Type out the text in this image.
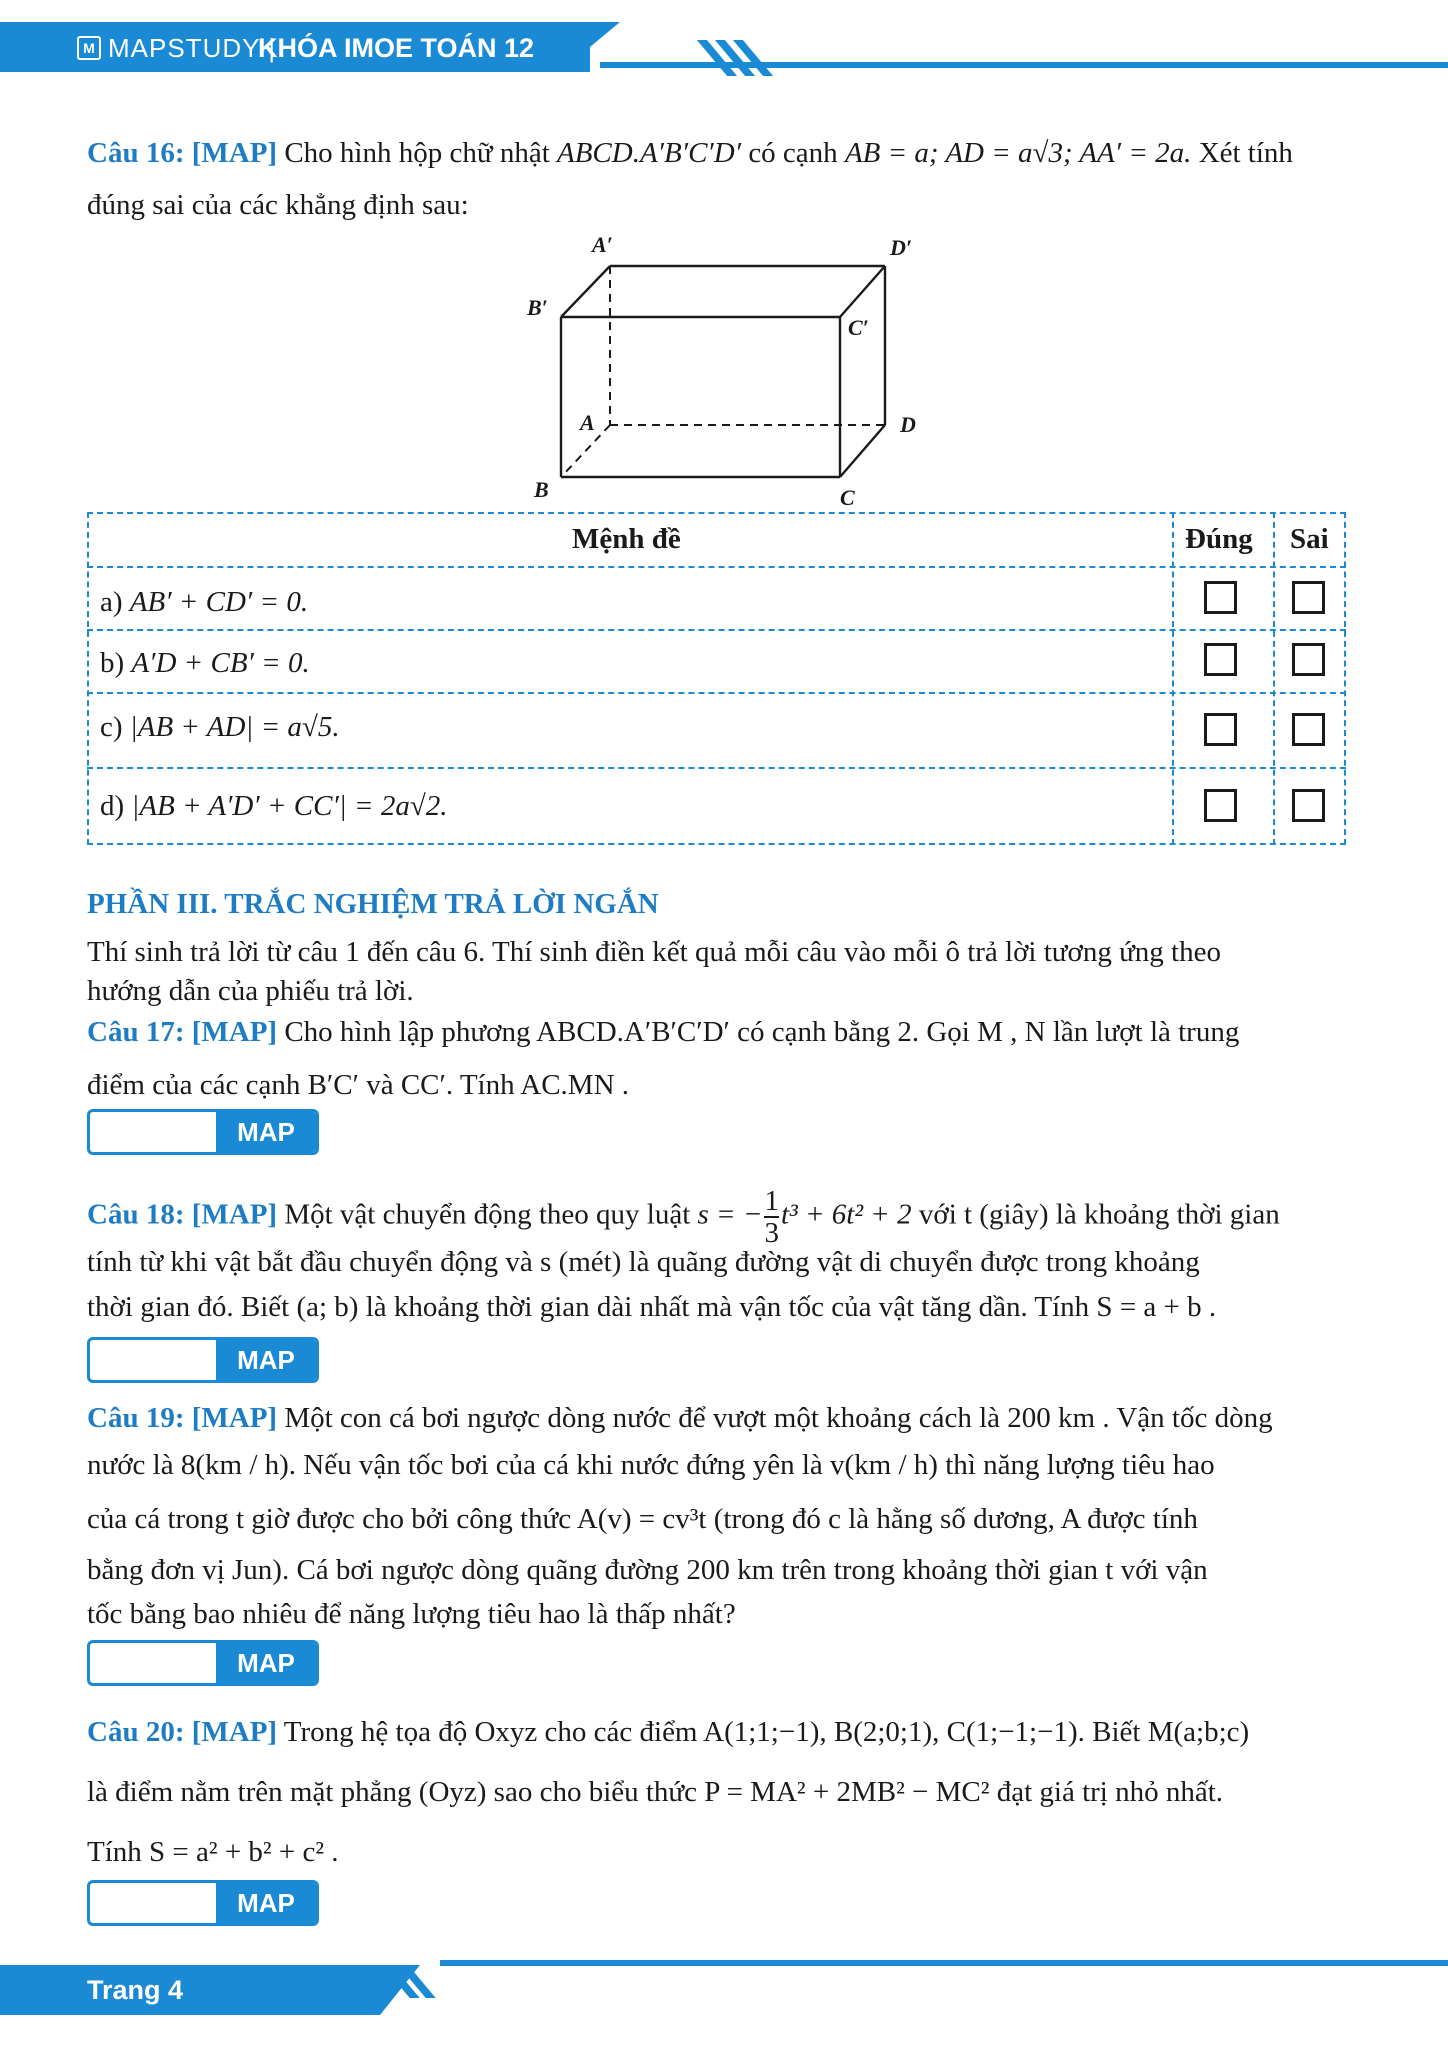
M MAPSTUDY |
KHÓA IMOE TOÁN 12
Câu 16: [MAP] Cho hình hộp chữ nhật ABCD.A′B′C′D′ có cạnh AB = a; AD = a√3; AA′ = 2a. Xét tính
đúng sai của các khẳng định sau:
A′	D′
B′
C′
A	D
B	C
Mệnh đề	Đúng Sai
a) AB′ + CD′ = 0.
b) A′D + CB′ = 0.
c) |AB + AD| = a√5.
d) |AB + A′D′ + CC′| = 2a√2.
PHẦN III. TRẮC NGHIỆM TRẢ LỜI NGẮN
Thí sinh trả lời từ câu 1 đến câu 6. Thí sinh điền kết quả mỗi câu vào mỗi ô trả lời tương ứng theo
hướng dẫn của phiếu trả lời.
Câu 17: [MAP] Cho hình lập phương ABCD.A′B′C′D′ có cạnh bằng 2. Gọi M , N lần lượt là trung
điểm của các cạnh B′C′ và CC′. Tính AC.MN .
MAP
Câu 18: [MAP] Một vật chuyển động theo quy luật s = − $\frac{1}{3} t^3 + 6t^2 + 2$ với t (giây) là khoảng thời gian
tính từ khi vật bắt đầu chuyển động và s (mét) là quãng đường vật di chuyển được trong khoảng
thời gian đó. Biết (a; b) là khoảng thời gian dài nhất mà vận tốc của vật tăng dần. Tính S = a + b .
MAP
Câu 19: [MAP] Một con cá bơi ngược dòng nước để vượt một khoảng cách là 200 km . Vận tốc dòng
nước là 8(km / h). Nếu vận tốc bơi của cá khi nước đứng yên là v(km / h) thì năng lượng tiêu hao
của cá trong t giờ được cho bởi công thức A(v) = cv³t (trong đó c là hằng số dương, A được tính
bằng đơn vị Jun). Cá bơi ngược dòng quãng đường 200 km trên trong khoảng thời gian t với vận
tốc bằng bao nhiêu để năng lượng tiêu hao là thấp nhất?
MAP
Câu 20: [MAP] Trong hệ tọa độ Oxyz cho các điểm A(1;1;−1), B(2;0;1), C(1;−1;−1). Biết M(a;b;c)
là điểm nằm trên mặt phẳng (Oyz) sao cho biểu thức P = MA² + 2MB² − MC² đạt giá trị nhỏ nhất.
Tính S = a² + b² + c² .
MAP
Trang 4
